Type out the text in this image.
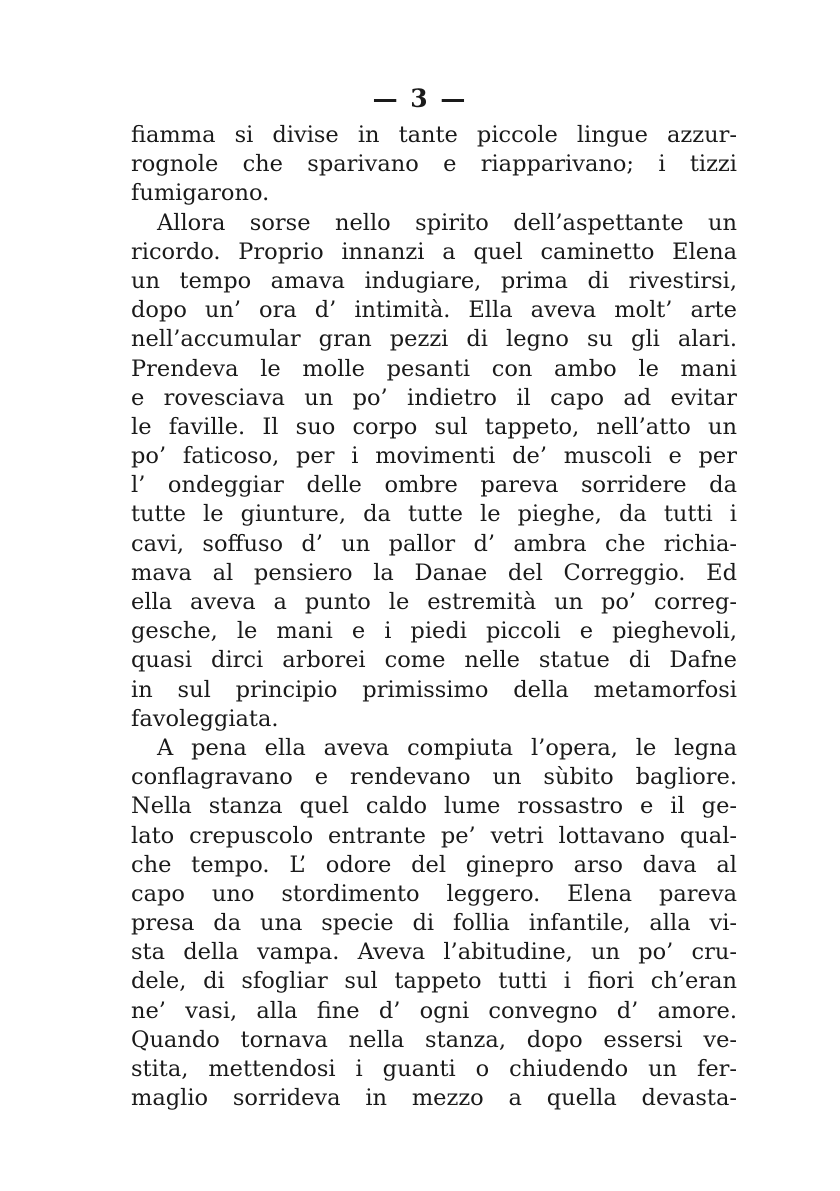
— 3 —
fiamma si divise in tante piccole lingue azzur-
rognole che sparivano e riapparivano; i tizzi
fumigarono.
Allora sorse nello spirito dell’aspettante un
ricordo. Proprio innanzi a quel caminetto Elena
un tempo amava indugiare, prima di rivestirsi,
dopo un’ ora d’ intimità. Ella aveva molt’ arte
nell’accumular gran pezzi di legno su gli alari.
Prendeva le molle pesanti con ambo le mani
e rovesciava un po’ indietro il capo ad evitar
le faville. Il suo corpo sul tappeto, nell’atto un
po’ faticoso, per i movimenti de’ muscoli e per
l’ ondeggiar delle ombre pareva sorridere da
tutte le giunture, da tutte le pieghe, da tutti i
cavi, soffuso d’ un pallor d’ ambra che richia-
mava al pensiero la Danae del Correggio. Ed
ella aveva a punto le estremità un po’ correg-
gesche, le mani e i piedi piccoli e pieghevoli,
quasi dirci arborei come nelle statue di Dafne
in sul principio primissimo della metamorfosi
favoleggiata.
A pena ella aveva compiuta l’opera, le legna
conflagravano e rendevano un sùbito bagliore.
Nella stanza quel caldo lume rossastro e il ge-
lato crepuscolo entrante pe’ vetri lottavano qual-
che tempo. L’ odore del ginepro arso dava al
capo uno stordimento leggero. Elena pareva
presa da una specie di follia infantile, alla vi-
sta della vampa. Aveva l’abitudine, un po’ cru-
dele, di sfogliar sul tappeto tutti i fiori ch’eran
ne’ vasi, alla fine d’ ogni convegno d’ amore.
Quando tornava nella stanza, dopo essersi ve-
stita, mettendosi i guanti o chiudendo un fer-
maglio sorrideva in mezzo a quella devasta-
